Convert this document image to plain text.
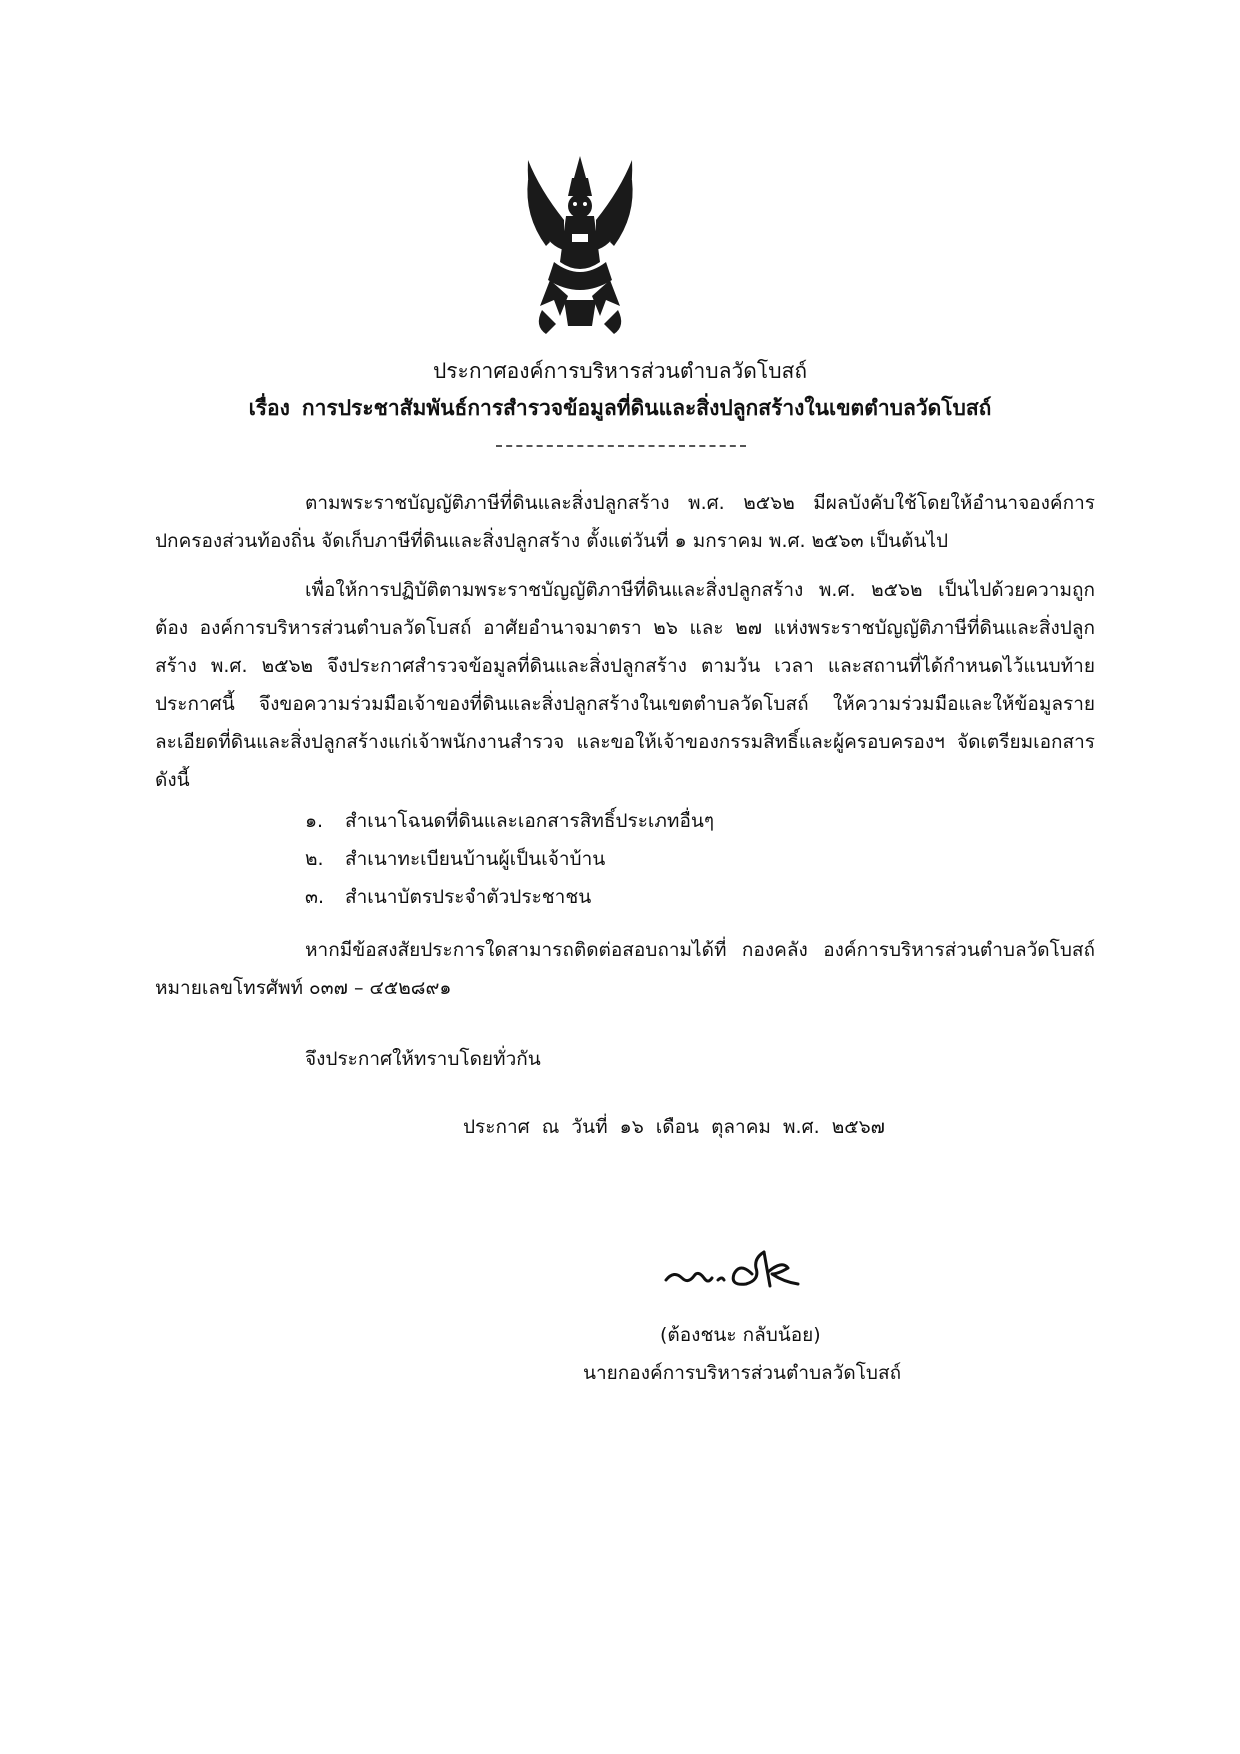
ประกาศองค์การบริหารส่วนตำบลวัดโบสถ์
เรื่อง การประชาสัมพันธ์การสำรวจข้อมูลที่ดินและสิ่งปลูกสร้างในเขตตำบลวัดโบสถ์

ตามพระราชบัญญัติภาษีที่ดินและสิ่งปลูกสร้าง พ.ศ. ๒๕๖๒ มีผลบังคับใช้โดยให้อำนาจองค์การปกครองส่วนท้องถิ่น จัดเก็บภาษีที่ดินและสิ่งปลูกสร้าง ตั้งแต่วันที่ ๑ มกราคม พ.ศ. ๒๕๖๓ เป็นต้นไป

เพื่อให้การปฏิบัติตามพระราชบัญญัติภาษีที่ดินและสิ่งปลูกสร้าง พ.ศ. ๒๕๖๒ เป็นไปด้วยความถูกต้อง องค์การบริหารส่วนตำบลวัดโบสถ์ อาศัยอำนาจมาตรา ๒๖ และ ๒๗ แห่งพระราชบัญญัติภาษีที่ดินและสิ่งปลูกสร้าง พ.ศ. ๒๕๖๒ จึงประกาศสำรวจข้อมูลที่ดินและสิ่งปลูกสร้าง ตามวัน เวลา และสถานที่ได้กำหนดไว้แนบท้ายประกาศนี้ จึงขอความร่วมมือเจ้าของที่ดินและสิ่งปลูกสร้างในเขตตำบลวัดโบสถ์ ให้ความร่วมมือและให้ข้อมูลรายละเอียดที่ดินและสิ่งปลูกสร้างแก่เจ้าพนักงานสำรวจ และขอให้เจ้าของกรรมสิทธิ์และผู้ครอบครองฯ จัดเตรียมเอกสารดังนี้

๑. สำเนาโฉนดที่ดินและเอกสารสิทธิ์ประเภทอื่นๆ
๒. สำเนาทะเบียนบ้านผู้เป็นเจ้าบ้าน
๓. สำเนาบัตรประจำตัวประชาชน

หากมีข้อสงสัยประการใดสามารถติดต่อสอบถามได้ที่ กองคลัง องค์การบริหารส่วนตำบลวัดโบสถ์ หมายเลขโทรศัพท์ ๐๓๗ – ๔๕๒๘๙๑

จึงประกาศให้ทราบโดยทั่วกัน
ประกาศ ณ วันที่ ๑๖ เดือน ตุลาคม พ.ศ. ๒๕๖๗
(ต้องชนะ กลับน้อย)
นายกองค์การบริหารส่วนตำบลวัดโบสถ์
